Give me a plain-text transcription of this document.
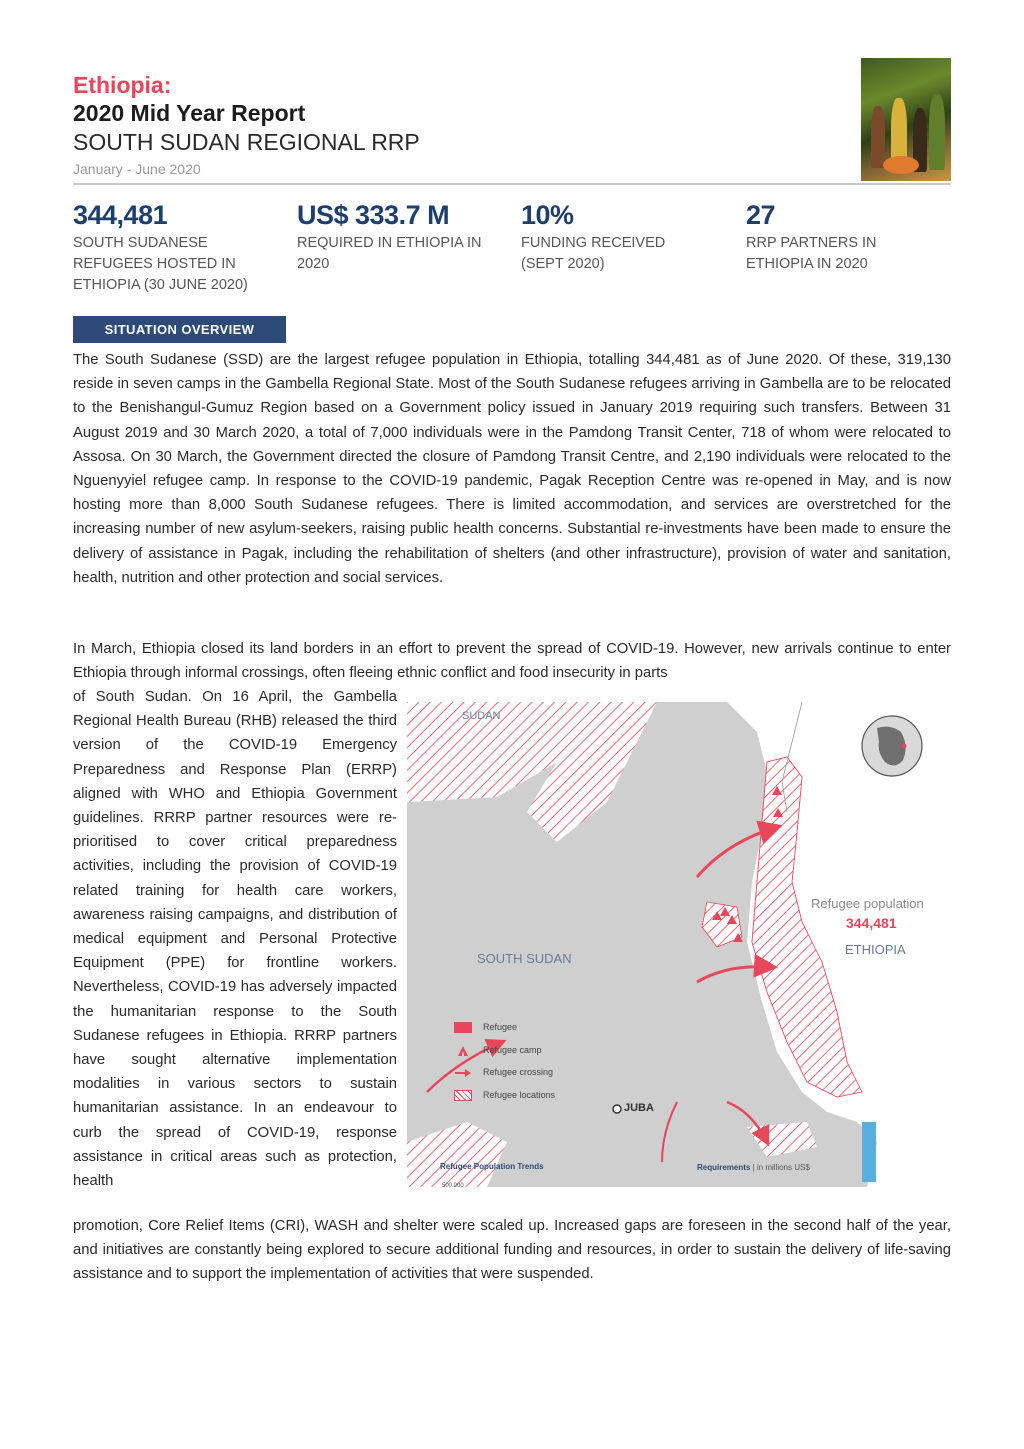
Ethiopia:
2020 Mid Year Report
SOUTH SUDAN REGIONAL RRP
January - June 2020
344,481
SOUTH SUDANESE REFUGEES HOSTED IN ETHIOPIA (30 JUNE 2020)
US$ 333.7 M
REQUIRED IN ETHIOPIA IN 2020
10%
FUNDING RECEIVED (SEPT 2020)
27
RRP PARTNERS IN ETHIOPIA IN 2020
SITUATION OVERVIEW
The South Sudanese (SSD) are the largest refugee population in Ethiopia, totalling 344,481 as of June 2020. Of these, 319,130 reside in seven camps in the Gambella Regional State. Most of the South Sudanese refugees arriving in Gambella are to be relocated to the Benishangul-Gumuz Region based on a Government policy issued in January 2019 requiring such transfers. Between 31 August 2019 and 30 March 2020, a total of 7,000 individuals were in the Pamdong Transit Center, 718 of whom were relocated to Assosa. On 30 March, the Government directed the closure of Pamdong Transit Centre, and 2,190 individuals were relocated to the Nguenyyiel refugee camp. In response to the COVID-19 pandemic, Pagak Reception Centre was re-opened in May, and is now hosting more than 8,000 South Sudanese refugees. There is limited accommodation, and services are overstretched for the increasing number of new asylum-seekers, raising public health concerns. Substantial re-investments have been made to ensure the delivery of assistance in Pagak, including the rehabilitation of shelters (and other infrastructure), provision of water and sanitation, health, nutrition and other protection and social services.
In March, Ethiopia closed its land borders in an effort to prevent the spread of COVID-19. However, new arrivals continue to enter Ethiopia through informal crossings, often fleeing ethnic conflict and food insecurity in parts
of South Sudan. On 16 April, the Gambella Regional Health Bureau (RHB) released the third version of the COVID-19 Emergency Preparedness and Response Plan (ERRP) aligned with WHO and Ethiopia Government guidelines. RRRP partner resources were re-prioritised to cover critical preparedness activities, including the provision of COVID-19 related training for health care workers, awareness raising campaigns, and distribution of medical equipment and Personal Protective Equipment (PPE) for frontline workers. Nevertheless, COVID-19 has adversely impacted the humanitarian response to the South Sudanese refugees in Ethiopia. RRRP partners have sought alternative implementation modalities in various sectors to sustain humanitarian assistance. In an endeavour to curb the spread of COVID-19, response assistance in critical areas such as protection, health
SUDAN
SOUTH SUDAN
ETHIOPIA
JUBA
Refugee population
344,481
Refugee
Refugee camp
Refugee crossing
Refugee locations
Refugee Population Trends
500,000
Requirements | in millions US$
promotion, Core Relief Items (CRI), WASH and shelter were scaled up. Increased gaps are foreseen in the second half of the year, and initiatives are constantly being explored to secure additional funding and resources, in order to sustain the delivery of life-saving assistance and to support the implementation of activities that were suspended.
